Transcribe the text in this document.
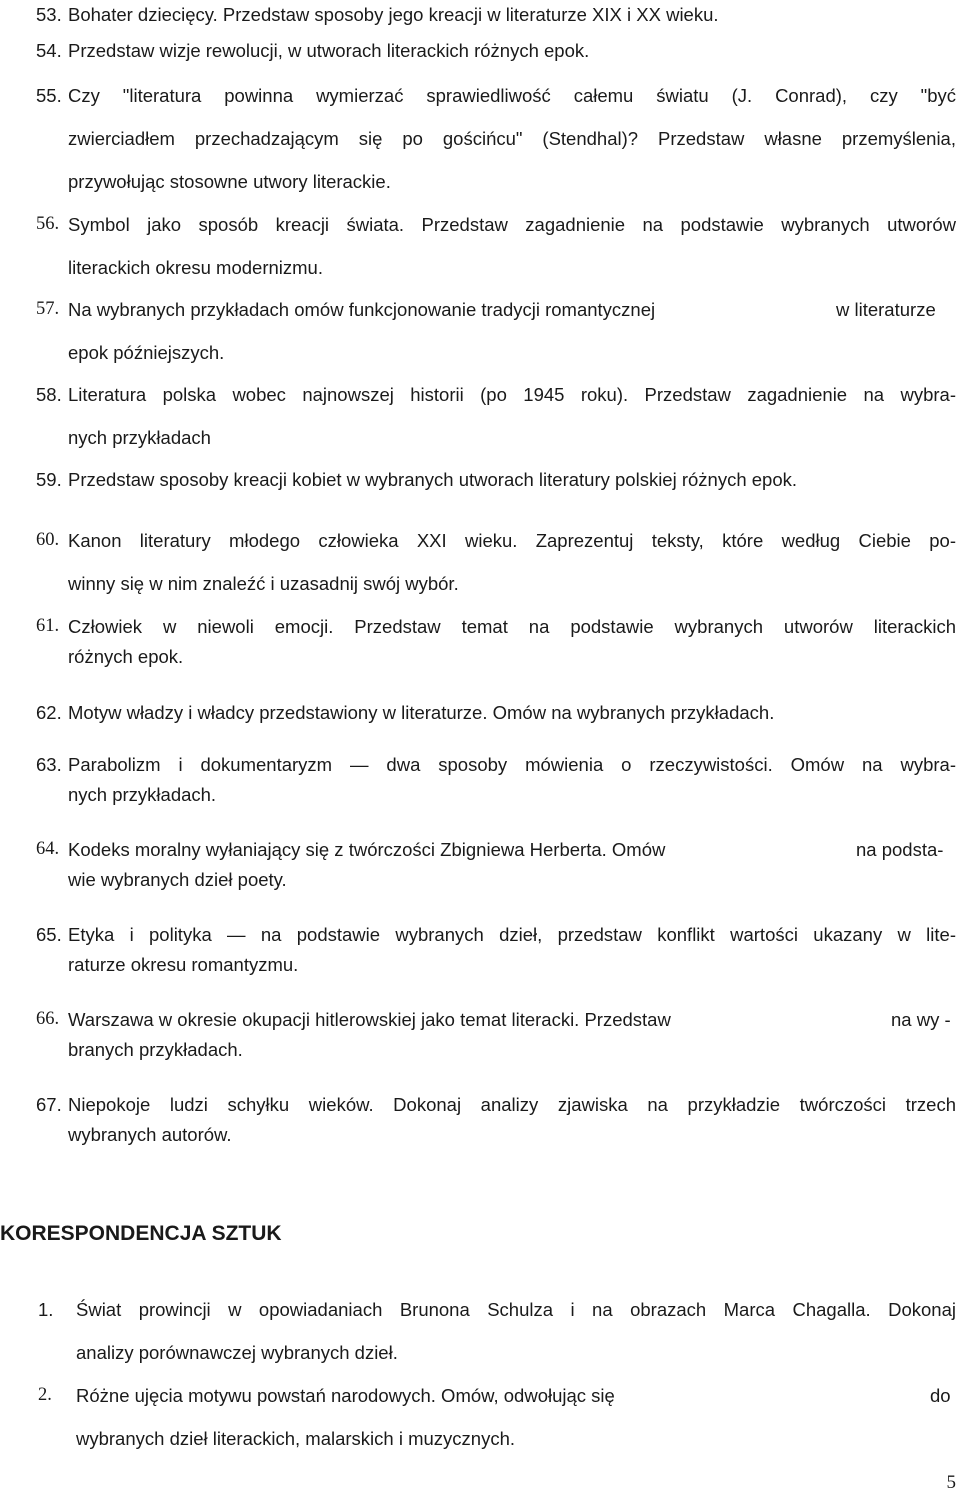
53. Bohater dziecięcy. Przedstaw sposoby jego kreacji w literaturze XIX i XX wieku.
54. Przedstaw wizje rewolucji, w utworach literackich różnych epok.
55. Czy "literatura powinna wymierzać sprawiedliwość całemu światu (J. Conrad), czy "być
zwierciadłem przechadzającym się po gościńcu" (Stendhal)? Przedstaw własne przemyślenia,
przywołując stosowne utwory literackie.
56. Symbol jako sposób kreacji świata. Przedstaw zagadnienie na podstawie wybranych utworów
literackich okresu modernizmu.
57. Na wybranych przykładach omów funkcjonowanie tradycji romantycznej	w literaturze
epok późniejszych.
58. Literatura polska wobec najnowszej historii (po 1945 roku). Przedstaw zagadnienie na wybra-
nych przykładach
59. Przedstaw sposoby kreacji kobiet w wybranych utworach literatury polskiej różnych epok.
60. Kanon literatury młodego człowieka XXI wieku. Zaprezentuj teksty, które według Ciebie po-
winny się w nim znaleźć i uzasadnij swój wybór.
61. Człowiek w niewoli emocji. Przedstaw temat na podstawie wybranych utworów literackich
różnych epok.
62. Motyw władzy i władcy przedstawiony w literaturze. Omów na wybranych przykładach.
63. Parabolizm i dokumentaryzm — dwa sposoby mówienia o rzeczywistości. Omów na wybra-
nych przykładach.
64. Kodeks moralny wyłaniający się z twórczości Zbigniewa Herberta. Omów	na podsta-
wie wybranych dzieł poety.
65. Etyka i polityka — na podstawie wybranych dzieł, przedstaw konflikt wartości ukazany w lite-
raturze okresu romantyzmu.
66. Warszawa w okresie okupacji hitlerowskiej jako temat literacki. Przedstaw	na wy -
branych przykładach.
67. Niepokoje ludzi schyłku wieków. Dokonaj analizy zjawiska na przykładzie twórczości trzech
wybranych autorów.
KORESPONDENCJA SZTUK
1. Świat prowincji w opowiadaniach Brunona Schulza i na obrazach Marca Chagalla. Dokonaj
analizy porównawczej wybranych dzieł.
2. Różne ujęcia motywu powstań narodowych. Omów, odwołując się	do
wybranych dzieł literackich, malarskich i muzycznych.
5
